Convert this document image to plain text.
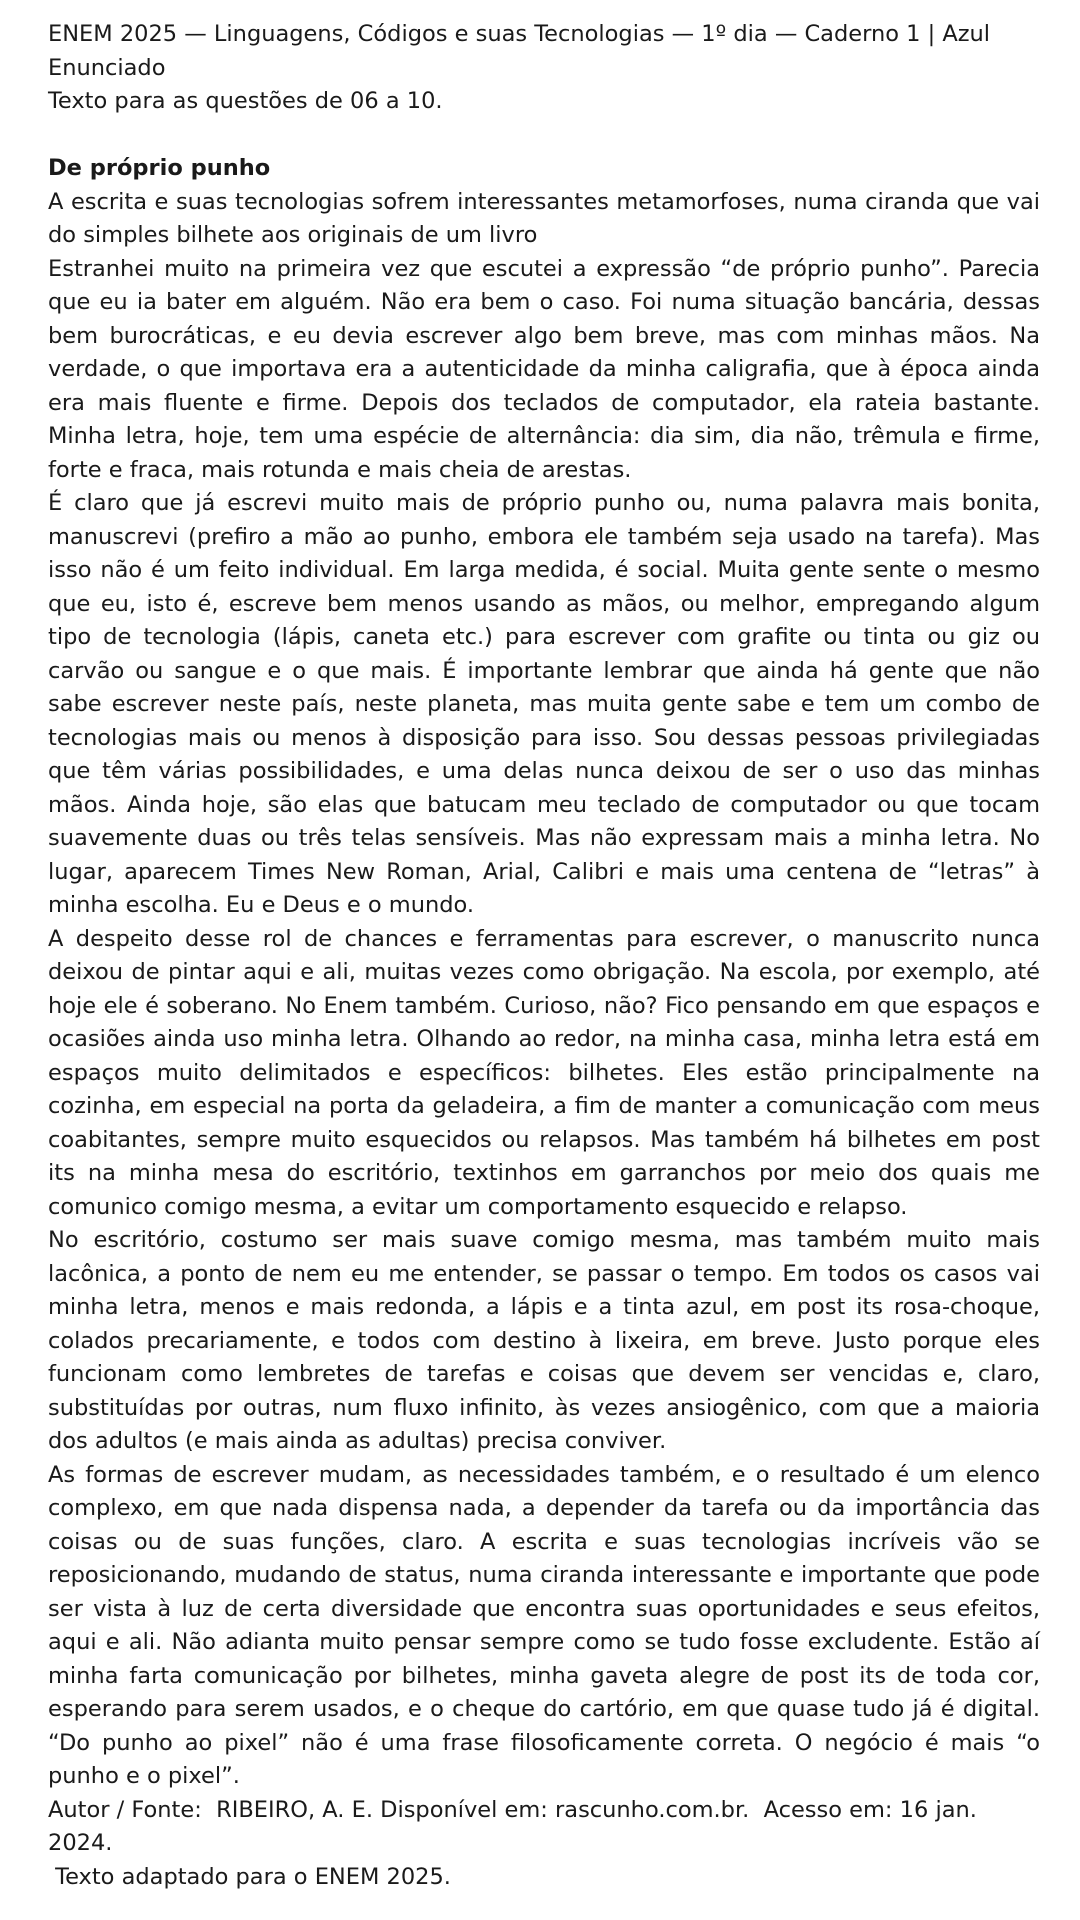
ENEM 2025 — Linguagens, Códigos e suas Tecnologias — 1º dia — Caderno 1 | Azul

Enunciado

Texto para as questões de 06 a 10.

De próprio punho

A escrita e suas tecnologias sofrem interessantes metamorfoses, numa ciranda que vai do simples bilhete aos originais de um livro

Estranhei muito na primeira vez que escutei a expressão “de próprio punho”. Parecia que eu ia bater em alguém. Não era bem o caso. Foi numa situação bancária, dessas bem burocráticas, e eu devia escrever algo bem breve, mas com minhas mãos. Na verdade, o que importava era a autenticidade da minha caligrafia, que à época ainda era mais fluente e firme. Depois dos teclados de computador, ela rateia bastante. Minha letra, hoje, tem uma espécie de alternância: dia sim, dia não, trêmula e firme, forte e fraca, mais rotunda e mais cheia de arestas.

É claro que já escrevi muito mais de próprio punho ou, numa palavra mais bonita, manuscrevi (prefiro a mão ao punho, embora ele também seja usado na tarefa). Mas isso não é um feito individual. Em larga medida, é social. Muita gente sente o mesmo que eu, isto é, escreve bem menos usando as mãos, ou melhor, empregando algum tipo de tecnologia (lápis, caneta etc.) para escrever com grafite ou tinta ou giz ou carvão ou sangue e o que mais. É importante lembrar que ainda há gente que não sabe escrever neste país, neste planeta, mas muita gente sabe e tem um combo de tecnologias mais ou menos à disposição para isso. Sou dessas pessoas privilegiadas que têm várias possibilidades, e uma delas nunca deixou de ser o uso das minhas mãos. Ainda hoje, são elas que batucam meu teclado de computador ou que tocam suavemente duas ou três telas sensíveis. Mas não expressam mais a minha letra. No lugar, aparecem Times New Roman, Arial, Calibri e mais uma centena de “letras” à minha escolha. Eu e Deus e o mundo.

A despeito desse rol de chances e ferramentas para escrever, o manuscrito nunca deixou de pintar aqui e ali, muitas vezes como obrigação. Na escola, por exemplo, até hoje ele é soberano. No Enem também. Curioso, não? Fico pensando em que espaços e ocasiões ainda uso minha letra. Olhando ao redor, na minha casa, minha letra está em espaços muito delimitados e específicos: bilhetes. Eles estão principalmente na cozinha, em especial na porta da geladeira, a fim de manter a comunicação com meus coabitantes, sempre muito esquecidos ou relapsos. Mas também há bilhetes em post its na minha mesa do escritório, textinhos em garranchos por meio dos quais me comunico comigo mesma, a evitar um comportamento esquecido e relapso.

No escritório, costumo ser mais suave comigo mesma, mas também muito mais lacônica, a ponto de nem eu me entender, se passar o tempo. Em todos os casos vai minha letra, menos e mais redonda, a lápis e a tinta azul, em post its rosa-choque, colados precariamente, e todos com destino à lixeira, em breve. Justo porque eles funcionam como lembretes de tarefas e coisas que devem ser vencidas e, claro, substituídas por outras, num fluxo infinito, às vezes ansiogênico, com que a maioria dos adultos (e mais ainda as adultas) precisa conviver.

As formas de escrever mudam, as necessidades também, e o resultado é um elenco complexo, em que nada dispensa nada, a depender da tarefa ou da importância das coisas ou de suas funções, claro. A escrita e suas tecnologias incríveis vão se reposicionando, mudando de status, numa ciranda interessante e importante que pode ser vista à luz de certa diversidade que encontra suas oportunidades e seus efeitos, aqui e ali. Não adianta muito pensar sempre como se tudo fosse excludente. Estão aí minha farta comunicação por bilhetes, minha gaveta alegre de post its de toda cor, esperando para serem usados, e o cheque do cartório, em que quase tudo já é digital. “Do punho ao pixel” não é uma frase filosoficamente correta. O negócio é mais “o punho e o pixel”.

Autor / Fonte:  RIBEIRO, A. E. Disponível em: rascunho.com.br.  Acesso em: 16 jan. 2024.

Texto adaptado para o ENEM 2025.
